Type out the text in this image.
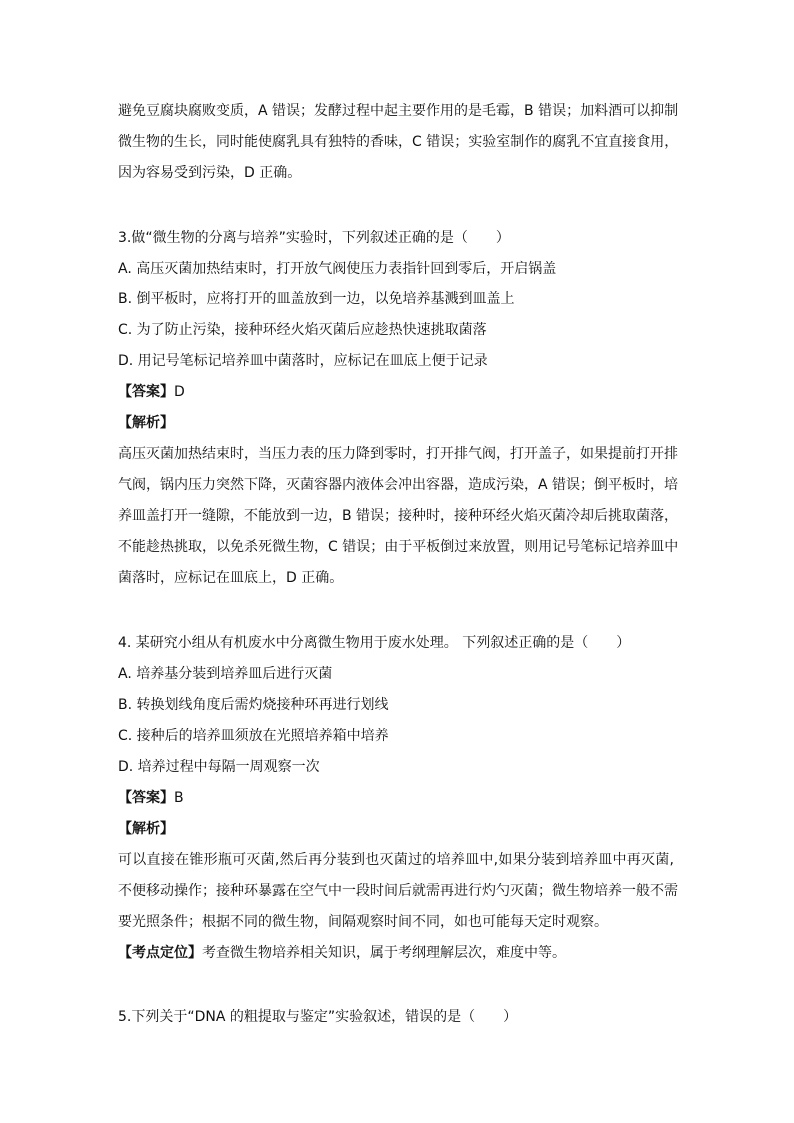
避免豆腐块腐败变质，A 错误；发酵过程中起主要作用的是毛霉，B 错误；加料酒可以抑制

微生物的生长，同时能使腐乳具有独特的香味，C 错误；实验室制作的腐乳不宜直接食用，

因为容易受到污染，D 正确。

3.做“微生物的分离与培养”实验时，下列叙述正确的是（　　）
A. 高压灭菌加热结束时，打开放气阀使压力表指针回到零后，开启锅盖
B. 倒平板时，应将打开的皿盖放到一边，以免培养基溅到皿盖上
C. 为了防止污染，接种环经火焰灭菌后应趁热快速挑取菌落
D. 用记号笔标记培养皿中菌落时，应标记在皿底上便于记录
【答案】D
【解析】

高压灭菌加热结束时，当压力表的压力降到零时，打开排气阀，打开盖子，如果提前打开排

气阀，锅内压力突然下降，灭菌容器内液体会冲出容器，造成污染，A 错误；倒平板时，培

养皿盖打开一缝隙，不能放到一边，B 错误；接种时，接种环经火焰灭菌冷却后挑取菌落，

不能趁热挑取，以免杀死微生物，C 错误；由于平板倒过来放置，则用记号笔标记培养皿中

菌落时，应标记在皿底上，D 正确。

4. 某研究小组从有机废水中分离微生物用于废水处理。 下列叙述正确的是（　　）
A. 培养基分装到培养皿后进行灭菌
B. 转换划线角度后需灼烧接种环再进行划线
C. 接种后的培养皿须放在光照培养箱中培养
D. 培养过程中每隔一周观察一次
【答案】B
【解析】

可以直接在锥形瓶可灭菌,然后再分装到也灭菌过的培养皿中,如果分装到培养皿中再灭菌,

不便移动操作；接种环暴露在空气中一段时间后就需再进行灼勺灭菌；微生物培养一般不需

要光照条件；根据不同的微生物，间隔观察时间不同，如也可能每天定时观察。

【考点定位】考查微生物培养相关知识，属于考纲理解层次，难度中等。
5.下列关于“DNA 的粗提取与鉴定”实验叙述，错误的是（　　）
